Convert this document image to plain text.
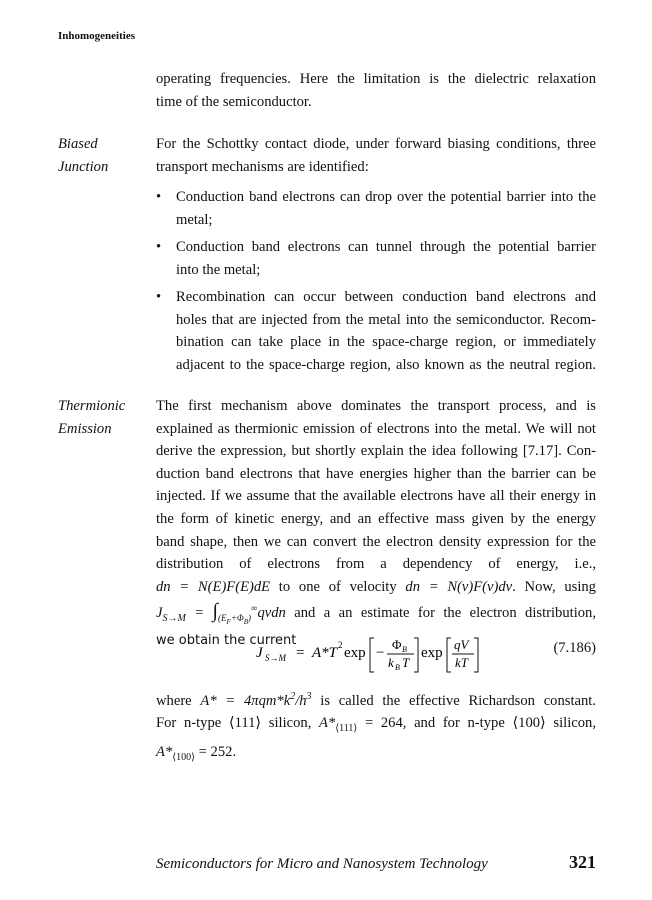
Inhomogeneities
operating frequencies. Here the limitation is the dielectric relaxation
time of the semiconductor.
Biased
Junction
For the Schottky contact diode, under forward biasing conditions, three
transport mechanisms are identified:
•	Conduction band electrons can drop over the potential barrier into the
metal;
•	Conduction band electrons can tunnel through the potential barrier
into the metal;
•	Recombination can occur between conduction band electrons and
holes that are injected from the metal into the semiconductor. Recom-
bination can take place in the space-charge region, or immediately
adjacent to the space-charge region, also known as the neutral region.
Thermionic
Emission
The first mechanism above dominates the transport process, and is
explained as thermionic emission of electrons into the metal. We will not
derive the expression, but shortly explain the idea following [7.17]. Con-
duction band electrons that have energies higher than the barrier can be
injected. If we assume that the available electrons have all their energy in
the form of kinetic energy, and an effective mass given by the energy
band shape, then we can convert the electron density expression for the
distribution of electrons from a dependency of energy, i.e.,
dn = N(E)F(E)dE to one of velocity dn = N(v)F(v)dv. Now, using
$J_{S\to M}$ = $\int_{(E_F+\Phi_B)}^\infty qvdn$ and a an estimate for the electron distribution,
we obtain the current
J S→M = A*T 2 exp −
Φ B
k B T
exp
qV
kT
(7.186)
where $A* = 4\pi qm*k^2/h^3$ is called the effective Richardson constant.
For n-type ⟨111⟩ silicon, $A*_{⟨111⟩} = 264$, and for n-type ⟨100⟩ silicon,
$A*_{⟨100⟩} = 252$.
Semiconductors for Micro and Nanosystem Technology	321
